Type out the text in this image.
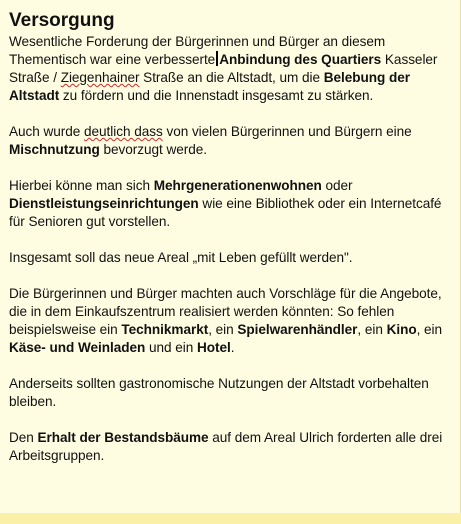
Versorgung

Wesentliche Forderung der Bürgerinnen und Bürger an diesem Thementisch war eine verbesserte Anbindung des Quartiers Kasseler Straße / Ziegenhainer Straße an die Altstadt, um die Belebung der Altstadt zu fördern und die Innenstadt insgesamt zu stärken.

Auch wurde deutlich dass von vielen Bürgerinnen und Bürgern eine Mischnutzung bevorzugt werde.

Hierbei könne man sich Mehrgenerationenwohnen oder Dienstleistungseinrichtungen wie eine Bibliothek oder ein Internetcafé für Senioren gut vorstellen.

Insgesamt soll das neue Areal „mit Leben gefüllt werden".

Die Bürgerinnen und Bürger machten auch Vorschläge für die Angebote, die in dem Einkaufszentrum realisiert werden könnten: So fehlen beispielsweise ein Technikmarkt, ein Spielwarenhändler, ein Kino, ein Käse- und Weinladen und ein Hotel.

Anderseits sollten gastronomische Nutzungen der Altstadt vorbehalten bleiben.

Den Erhalt der Bestandsbäume auf dem Areal Ulrich forderten alle drei Arbeitsgruppen.
